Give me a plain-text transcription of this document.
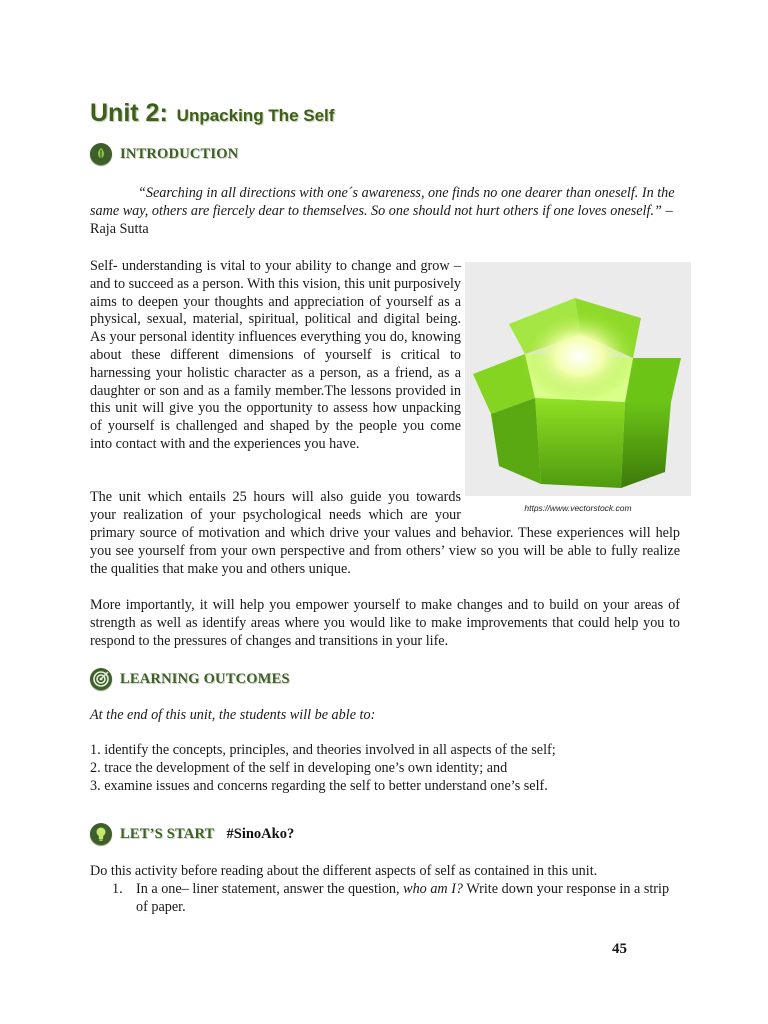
Unit 2: Unpacking The Self
INTRODUCTION

“Searching in all directions with one´s awareness, one finds no one dearer than oneself. In the same way, others are fiercely dear to themselves. So one should not hurt others if one loves oneself.” – Raja Sutta

Self- understanding is vital to your ability to change and grow – and to succeed as a person. With this vision, this unit purposively aims to deepen your thoughts and appreciation of yourself as a physical, sexual, material, spiritual, political and digital being. As your personal identity influences everything you do, knowing about these different dimensions of yourself is critical to harnessing your holistic character as a person, as a friend, as a daughter or son and as a family member.The lessons provided in this unit will give you the opportunity to assess how unpacking of yourself is challenged and shaped by the people you come into contact with and the experiences you have.

https://www.vectorstock.com
The unit which entails 25 hours will also guide you towards
your realization of your psychological needs which are your

primary source of motivation and which drive your values and behavior. These experiences will help you see yourself from your own perspective and from others’ view so you will be able to fully realize the qualities that make you and others unique.

More importantly, it will help you empower yourself to make changes and to build on your areas of strength as well as identify areas where you would like to make improvements that could help you to respond to the pressures of changes and transitions in your life.

LEARNING OUTCOMES

At the end of this unit, the students will be able to:

1. identify the concepts, principles, and theories involved in all aspects of the self;
2. trace the development of the self in developing one’s own identity; and
3. examine issues and concerns regarding the self to better understand one’s self.
LET’S START #SinoAko?

Do this activity before reading about the different aspects of self as contained in this unit.

1. In a one– liner statement, answer the question, who am I? Write down your response in a strip of paper.
45
